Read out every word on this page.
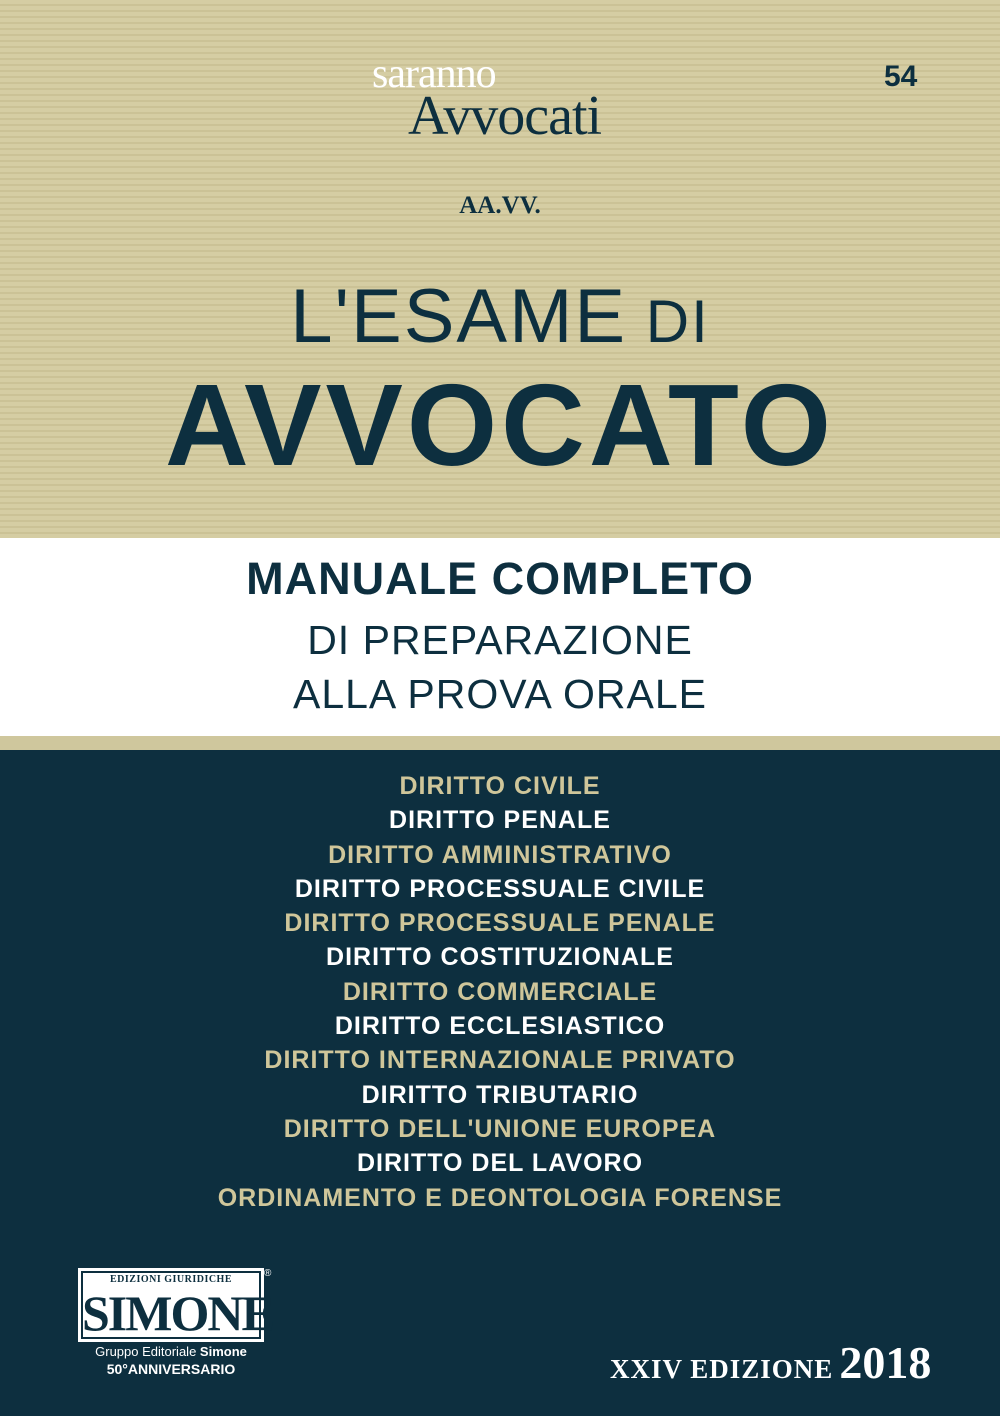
saranno
Avvocati
54
AA.VV.
L'ESAME DI
AVVOCATO
MANUALE COMPLETO
DI PREPARAZIONE
ALLA PROVA ORALE
DIRITTO CIVILE
DIRITTO PENALE
DIRITTO AMMINISTRATIVO
DIRITTO PROCESSUALE CIVILE
DIRITTO PROCESSUALE PENALE
DIRITTO COSTITUZIONALE
DIRITTO COMMERCIALE
DIRITTO ECCLESIASTICO
DIRITTO INTERNAZIONALE PRIVATO
DIRITTO TRIBUTARIO
DIRITTO DELL'UNIONE EUROPEA
DIRITTO DEL LAVORO
ORDINAMENTO E DEONTOLOGIA FORENSE
EDIZIONI GIURIDICHE
SIMONE
®
Gruppo Editoriale Simone
50°ANNIVERSARIO	XXIV EDIZIONE 2018
